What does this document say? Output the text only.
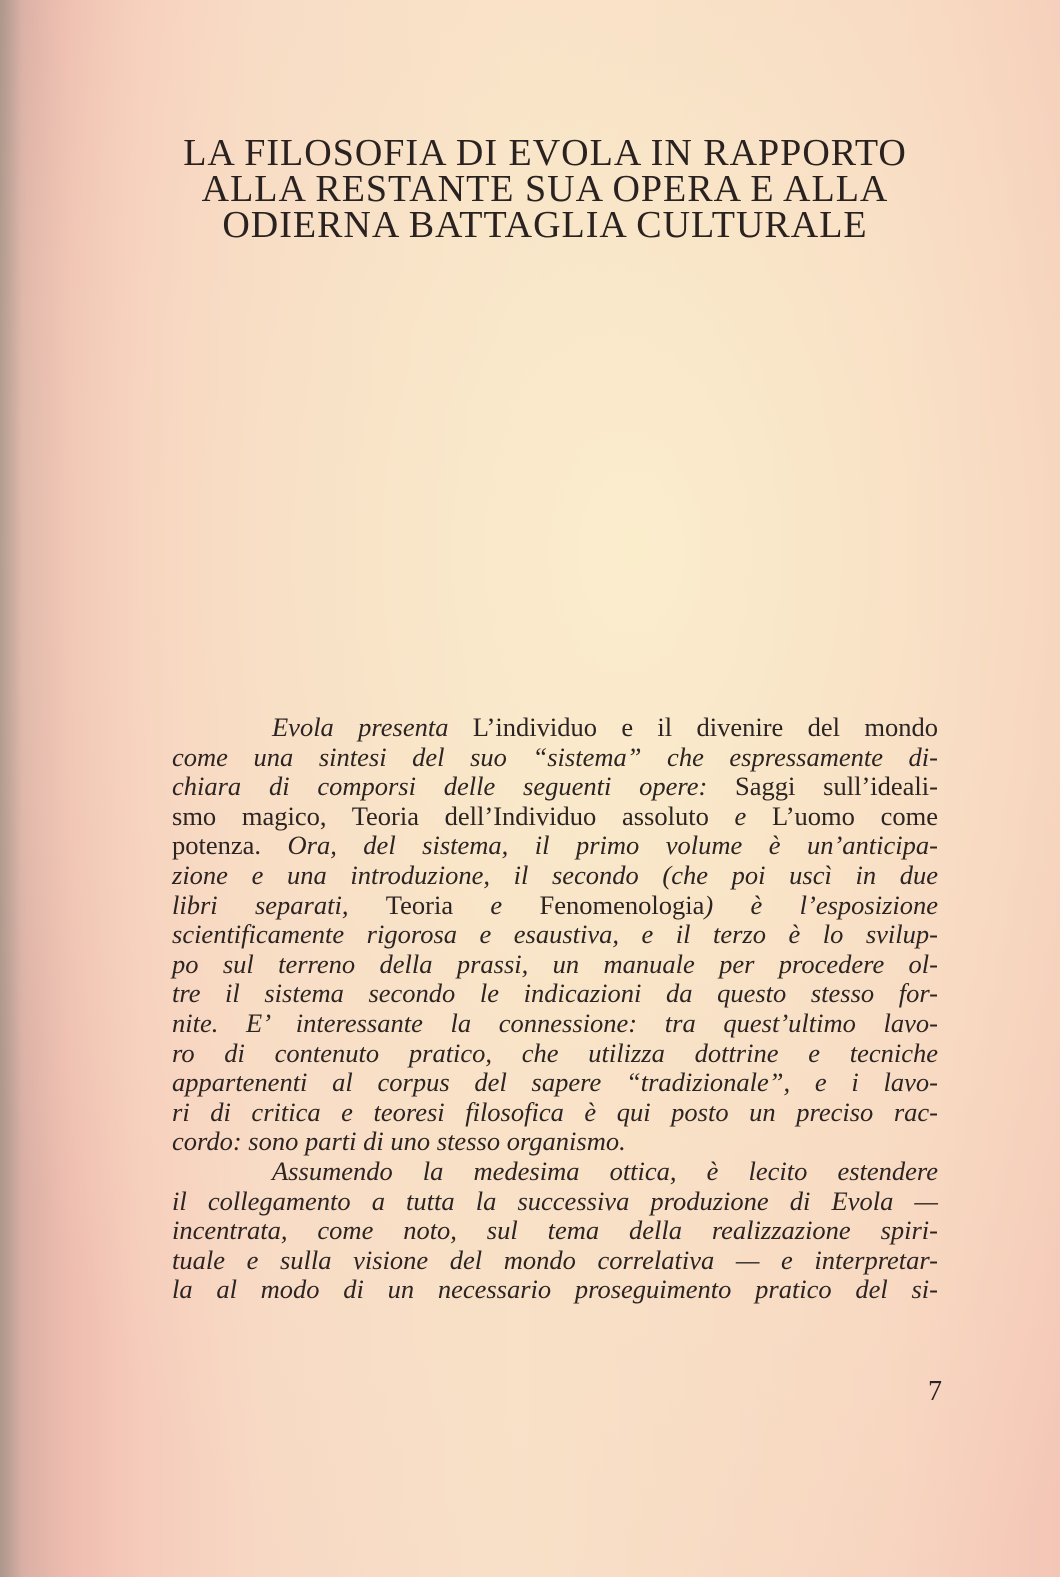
LA FILOSOFIA DI EVOLA IN RAPPORTO
ALLA RESTANTE SUA OPERA E ALLA
ODIERNA BATTAGLIA CULTURALE
Evola presenta L’individuo e il divenire del mondo
come una sintesi del suo “sistema” che espressamente di-
chiara di comporsi delle seguenti opere: Saggi sull’ideali-
smo magico, Teoria dell’Individuo assoluto e L’uomo come
potenza. Ora, del sistema, il primo volume è un’anticipa-
zione e una introduzione, il secondo (che poi uscì in due
libri separati, Teoria e Fenomenologia) è l’esposizione
scientificamente rigorosa e esaustiva, e il terzo è lo svilup-
po sul terreno della prassi, un manuale per procedere ol-
tre il sistema secondo le indicazioni da questo stesso for-
nite. E’ interessante la connessione: tra quest’ultimo lavo-
ro di contenuto pratico, che utilizza dottrine e tecniche
appartenenti al corpus del sapere “tradizionale”, e i lavo-
ri di critica e teoresi filosofica è qui posto un preciso rac-
cordo: sono parti di uno stesso organismo.
Assumendo la medesima ottica, è lecito estendere
il collegamento a tutta la successiva produzione di Evola —
incentrata, come noto, sul tema della realizzazione spiri-
tuale e sulla visione del mondo correlativa — e interpretar-
la al modo di un necessario proseguimento pratico del si-
7
